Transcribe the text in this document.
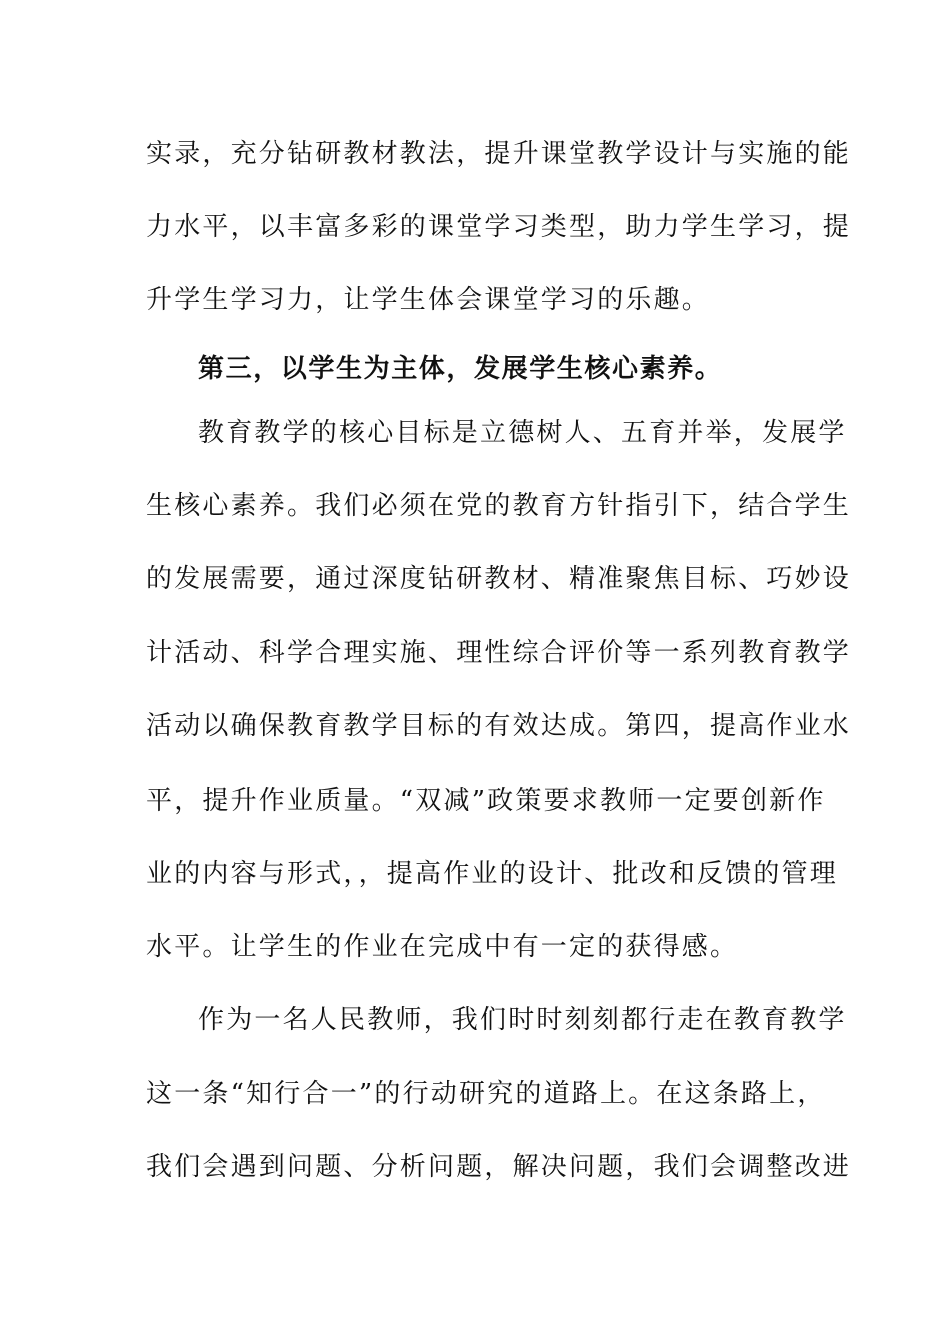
实录，充分钻研教材教法，提升课堂教学设计与实施的能
力水平，以丰富多彩的课堂学习类型，助力学生学习，提
升学生学习力，让学生体会课堂学习的乐趣。
第三，以学生为主体，发展学生核心素养。
教育教学的核心目标是立德树人、五育并举，发展学
生核心素养。我们必须在党的教育方针指引下，结合学生
的发展需要，通过深度钻研教材、精准聚焦目标、巧妙设
计活动、科学合理实施、理性综合评价等一系列教育教学
活动以确保教育教学目标的有效达成。第四，提高作业水
平，提升作业质量。“双减”政策要求教师一定要创新作
业的内容与形式，，提高作业的设计、批改和反馈的管理
水平。让学生的作业在完成中有一定的获得感。
作为一名人民教师，我们时时刻刻都行走在教育教学
这一条“知行合一”的行动研究的道路上。在这条路上，
我们会遇到问题、分析问题，解决问题，我们会调整改进
